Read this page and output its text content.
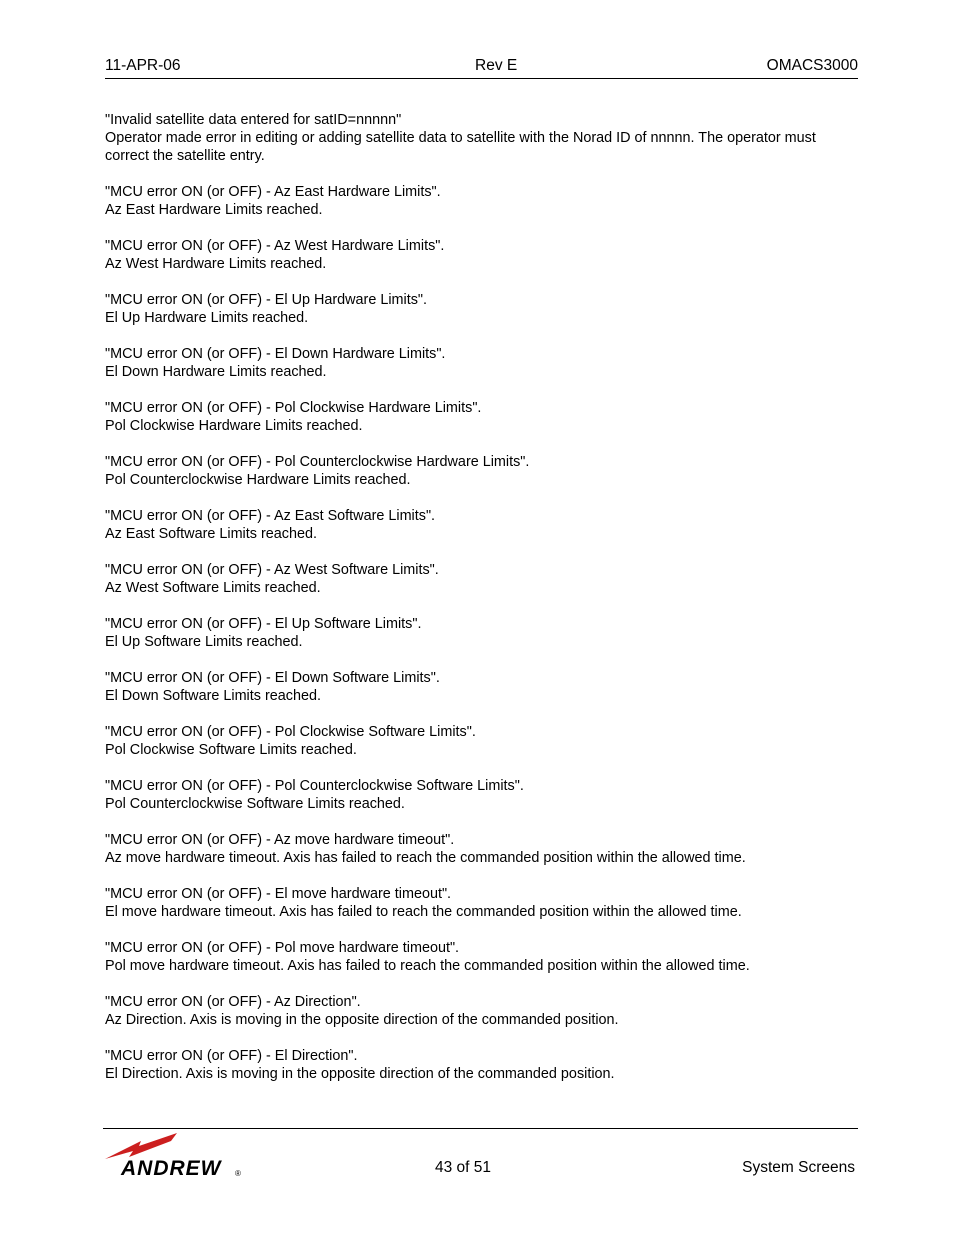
11-APR-06	Rev E	OMACS3000

"Invalid satellite data entered for satID=nnnnn"

Operator made error in editing or adding satellite data to satellite with the Norad ID of nnnnn. The operator must correct the satellite entry.

"MCU error ON (or OFF) - Az East Hardware Limits".

Az East Hardware Limits reached.

"MCU error ON (or OFF) - Az West Hardware Limits".

Az West Hardware Limits reached.

"MCU error ON (or OFF) - El Up Hardware Limits".

El Up Hardware Limits reached.

"MCU error ON (or OFF) - El Down Hardware Limits".

El Down Hardware Limits reached.

"MCU error ON (or OFF) - Pol Clockwise Hardware Limits".

Pol Clockwise Hardware Limits reached.

"MCU error ON (or OFF) - Pol Counterclockwise Hardware Limits".

Pol Counterclockwise Hardware Limits reached.

"MCU error ON (or OFF) - Az East Software Limits".

Az East Software Limits reached.

"MCU error ON (or OFF) - Az West Software Limits".

Az West Software Limits reached.

"MCU error ON (or OFF) - El Up Software Limits".

El Up Software Limits reached.

"MCU error ON (or OFF) - El Down Software Limits".

El Down Software Limits reached.

"MCU error ON (or OFF) - Pol Clockwise Software Limits".

Pol Clockwise Software Limits reached.

"MCU error ON (or OFF) - Pol Counterclockwise Software Limits".

Pol Counterclockwise Software Limits reached.

"MCU error ON (or OFF) - Az move hardware timeout".

Az move hardware timeout. Axis has failed to reach the commanded position within the allowed time.

"MCU error ON (or OFF) - El move hardware timeout".

El move hardware timeout. Axis has failed to reach the commanded position within the allowed time.

"MCU error ON (or OFF) - Pol move hardware timeout".

Pol move hardware timeout. Axis has failed to reach the commanded position within the allowed time.

"MCU error ON (or OFF) - Az Direction".

Az Direction. Axis is moving in the opposite direction of the commanded position.

"MCU error ON (or OFF) - El Direction".

El Direction. Axis is moving in the opposite direction of the commanded position.

ANDREW ®	43 of 51	System Screens
